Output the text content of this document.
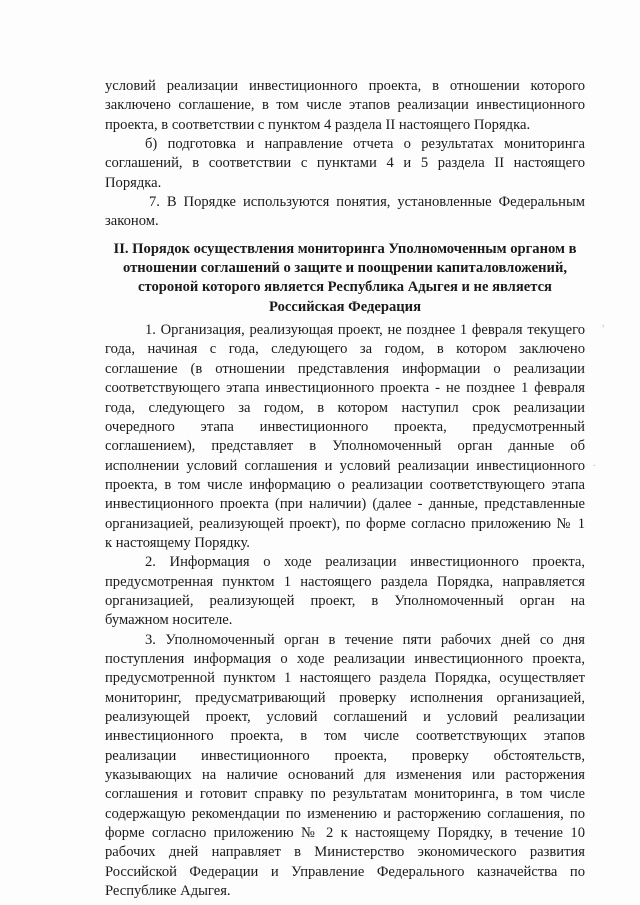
,
.
условий реализации инвестиционного проекта, в отношении которого
заключено соглашение, в том числе этапов реализации инвестиционного
проекта, в соответствии с пунктом 4 раздела II настоящего Порядка.
б) подготовка и направление отчета о результатах мониторинга
соглашений, в соответствии с пунктами 4 и 5 раздела II настоящего
Порядка.
7. В Порядке используются понятия, установленные Федеральным
законом.
II. Порядок осуществления мониторинга Уполномоченным органом в
отношении соглашений о защите и поощрении капиталовложений,
стороной которого является Республика Адыгея и не является
Российская Федерация
1. Организация, реализующая проект, не позднее 1 февраля текущего
года, начиная с года, следующего за годом, в котором заключено
соглашение (в отношении представления информации о реализации
соответствующего этапа инвестиционного проекта - не позднее 1 февраля
года, следующего за годом, в котором наступил срок реализации
очередного этапа инвестиционного проекта, предусмотренный
соглашением), представляет в Уполномоченный орган данные об
исполнении условий соглашения и условий реализации инвестиционного
проекта, в том числе информацию о реализации соответствующего этапа
инвестиционного проекта (при наличии) (далее - данные, представленные
организацией, реализующей проект), по форме согласно приложению № 1
к настоящему Порядку.
2. Информация о ходе реализации инвестиционного проекта,
предусмотренная пунктом 1 настоящего раздела Порядка, направляется
организацией, реализующей проект, в Уполномоченный орган на
бумажном носителе.
3. Уполномоченный орган в течение пяти рабочих дней со дня
поступления информация о ходе реализации инвестиционного проекта,
предусмотренной пунктом 1 настоящего раздела Порядка, осуществляет
мониторинг, предусматривающий проверку исполнения организацией,
реализующей проект, условий соглашений и условий реализации
инвестиционного проекта, в том числе соответствующих этапов
реализации инвестиционного проекта, проверку обстоятельств,
указывающих на наличие оснований для изменения или расторжения
соглашения и готовит справку по результатам мониторинга, в том числе
содержащую рекомендации по изменению и расторжению соглашения, по
форме согласно приложению № 2 к настоящему Порядку, в течение 10
рабочих дней направляет в Министерство экономического развития
Российской Федерации и Управление Федерального казначейства по
Республике Адыгея.
